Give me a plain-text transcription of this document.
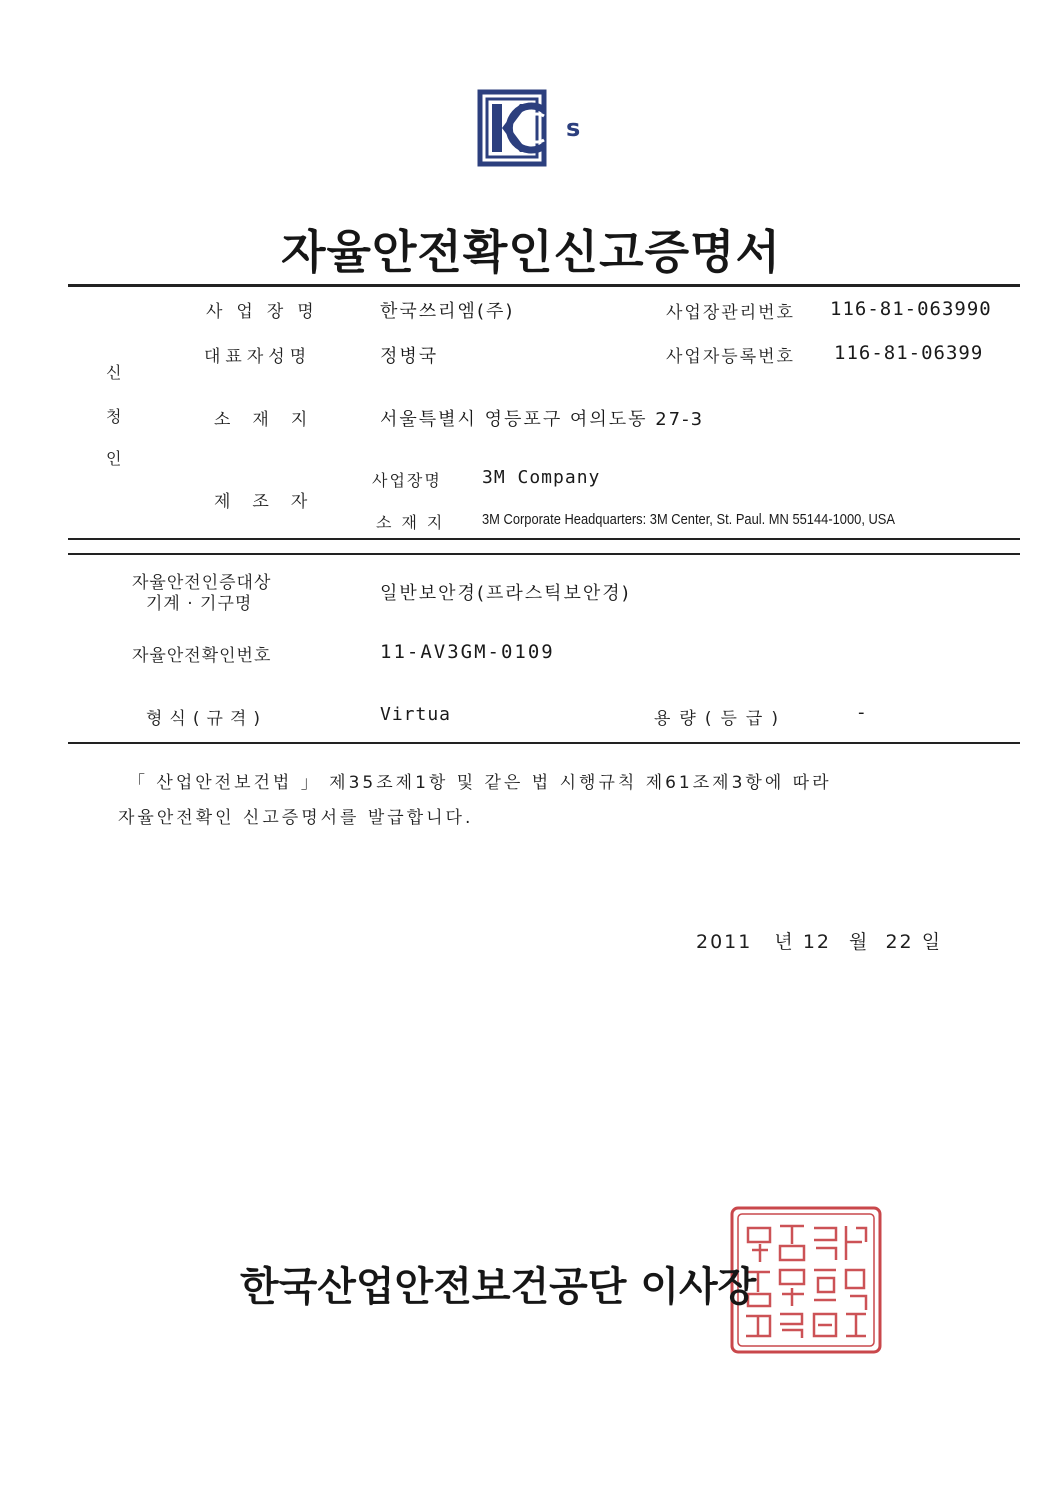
s
자율안전확인신고증명서
신
청
인
사업장명	한국쓰리엠(주)	사업장관리번호 116-81-063990
대표자성명	정병국	사업자등록번호 116-81-06399
소재지	서울특별시 영등포구 여의도동 27-3
제조자
사업장명 3M Company
소재지 3M Corporate Headquarters: 3M Center, St. Paul. MN 55144-1000, USA
자율안전인증대상
기계 · 기구명	일반보안경(프라스틱보안경)
자율안전확인번호	11-AV3GM-0109
형식(규격)	Virtua	용량(등급)	-
「 산업안전보건법 」 제35조제1항 및 같은 법 시행규칙 제61조제3항에 따라
자율안전확인 신고증명서를 발급합니다.
2011 년 12 월 22 일
한국산업안전보건공단 이사장
